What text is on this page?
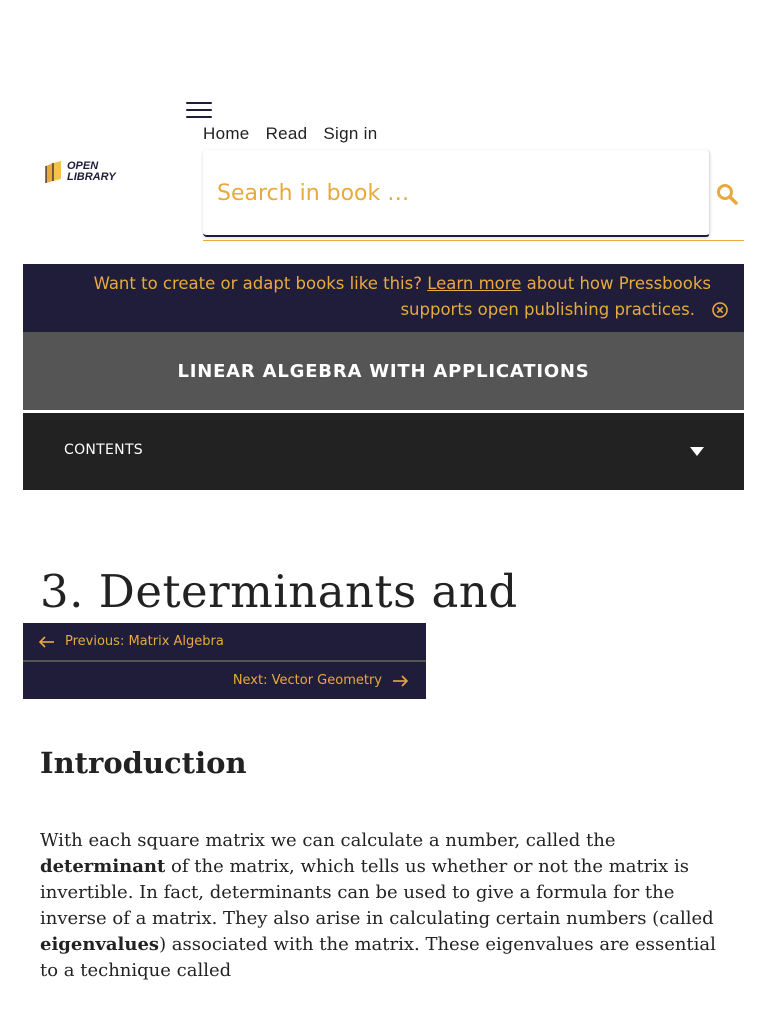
Home Read Sign in
OPEN
LIBRARY
Search in book …
Want to create or adapt books like this? Learn more about how Pressbooks
supports open publishing practices.
LINEAR ALGEBRA WITH APPLICATIONS
CONTENTS
3. Determinants and
Previous: Matrix Algebra
Next: Vector Geometry
Introduction

With each square matrix we can calculate a number, called the determinant of the matrix, which tells us whether or not the matrix is invertible. In fact, determinants can be used to give a formula for the inverse of a matrix. They also arise in calculating certain numbers (called eigenvalues) associated with the matrix. These eigenvalues are essential to a technique called
